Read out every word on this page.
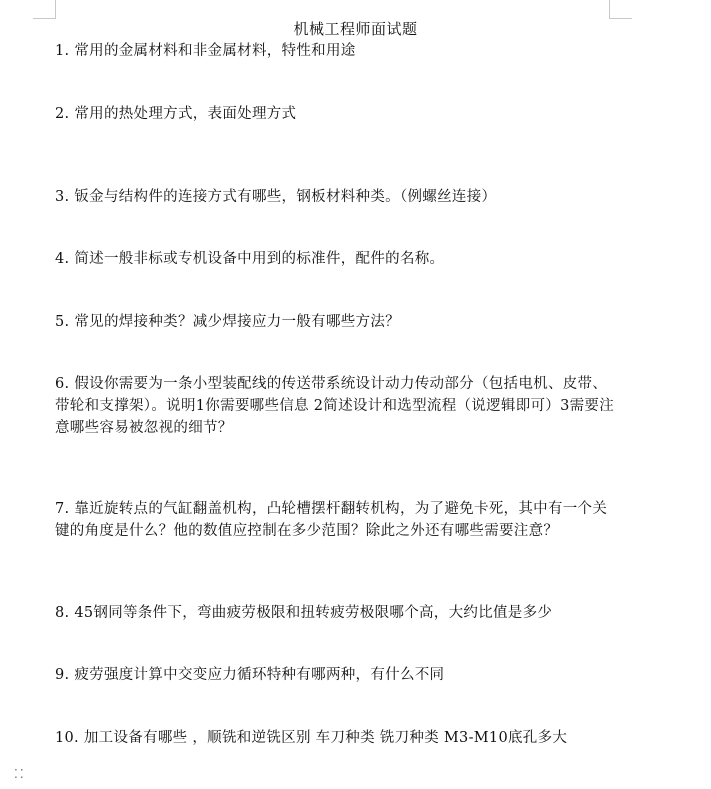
机械工程师面试题
1. 常用的金属材料和非金属材料，特性和用途
2. 常用的热处理方式，表面处理方式
3. 钣金与结构件的连接方式有哪些，钢板材料种类。（例螺丝连接）
4. 简述一般非标或专机设备中用到的标准件，配件的名称。
5. 常见的焊接种类？减少焊接应力一般有哪些方法？
6. 假设你需要为一条小型装配线的传送带系统设计动力传动部分（包括电机、皮带、带轮和支撑架）。说明1你需要哪些信息 2简述设计和选型流程（说逻辑即可）3需要注意哪些容易被忽视的细节？
7. 靠近旋转点的气缸翻盖机构，凸轮槽摆杆翻转机构，为了避免卡死，其中有一个关键的角度是什么？他的数值应控制在多少范围？除此之外还有哪些需要注意？
8. 45钢同等条件下，弯曲疲劳极限和扭转疲劳极限哪个高，大约比值是多少
9. 疲劳强度计算中交变应力循环特种有哪两种，有什么不同
10. 加工设备有哪些 ，顺铣和逆铣区别 车刀种类 铣刀种类 M3-M10底孔多大
⁚⁚
